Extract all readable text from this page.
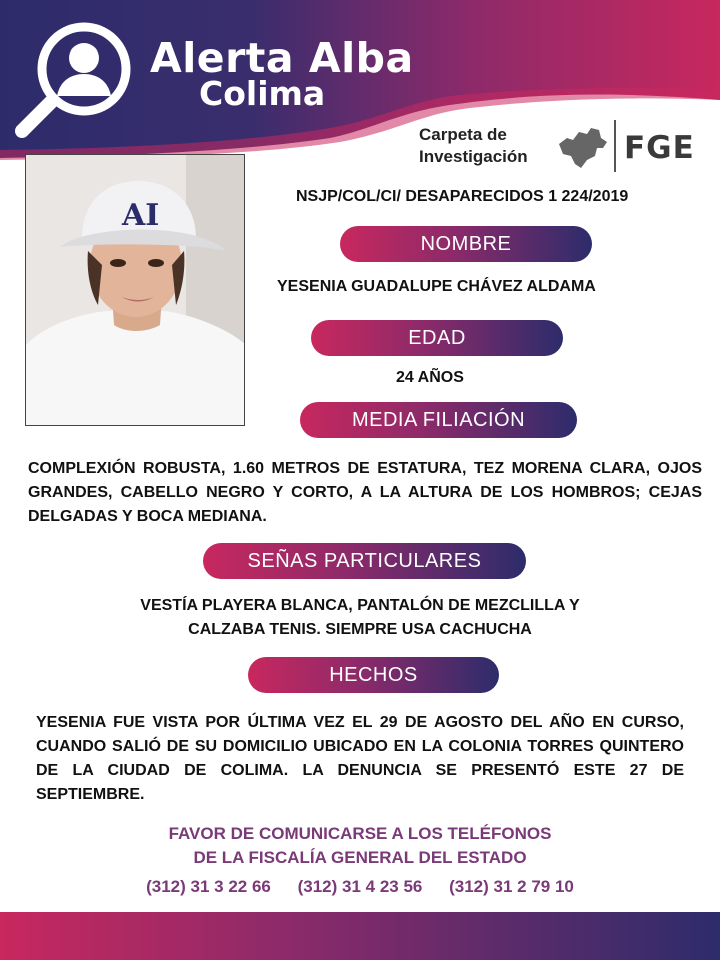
Alerta Alba
Colima
Carpeta de
Investigación	FGE
AI
NSJP/COL/CI/ DESAPARECIDOS 1 224/2019
NOMBRE
YESENIA GUADALUPE CHÁVEZ ALDAMA
EDAD
24 AÑOS
MEDIA FILIACIÓN
COMPLEXIÓN ROBUSTA, 1.60 METROS DE ESTATURA, TEZ MORENA CLARA, OJOS GRANDES, CABELLO NEGRO Y CORTO, A LA ALTURA DE LOS HOMBROS; CEJAS DELGADAS Y BOCA MEDIANA.
SEÑAS PARTICULARES
VESTÍA PLAYERA BLANCA, PANTALÓN DE MEZCLILLA Y
CALZABA TENIS. SIEMPRE USA CACHUCHA
HECHOS
YESENIA FUE VISTA POR ÚLTIMA VEZ EL 29 DE AGOSTO DEL AÑO EN CURSO, CUANDO SALIÓ DE SU DOMICILIO UBICADO EN LA COLONIA TORRES QUINTERO DE LA CIUDAD DE COLIMA. LA DENUNCIA SE PRESENTÓ ESTE 27 DE SEPTIEMBRE.
FAVOR DE COMUNICARSE A LOS TELÉFONOS
DE LA FISCALÍA GENERAL DEL ESTADO
(312) 31 3 22 66 (312) 31 4 23 56 (312) 31 2 79 10
